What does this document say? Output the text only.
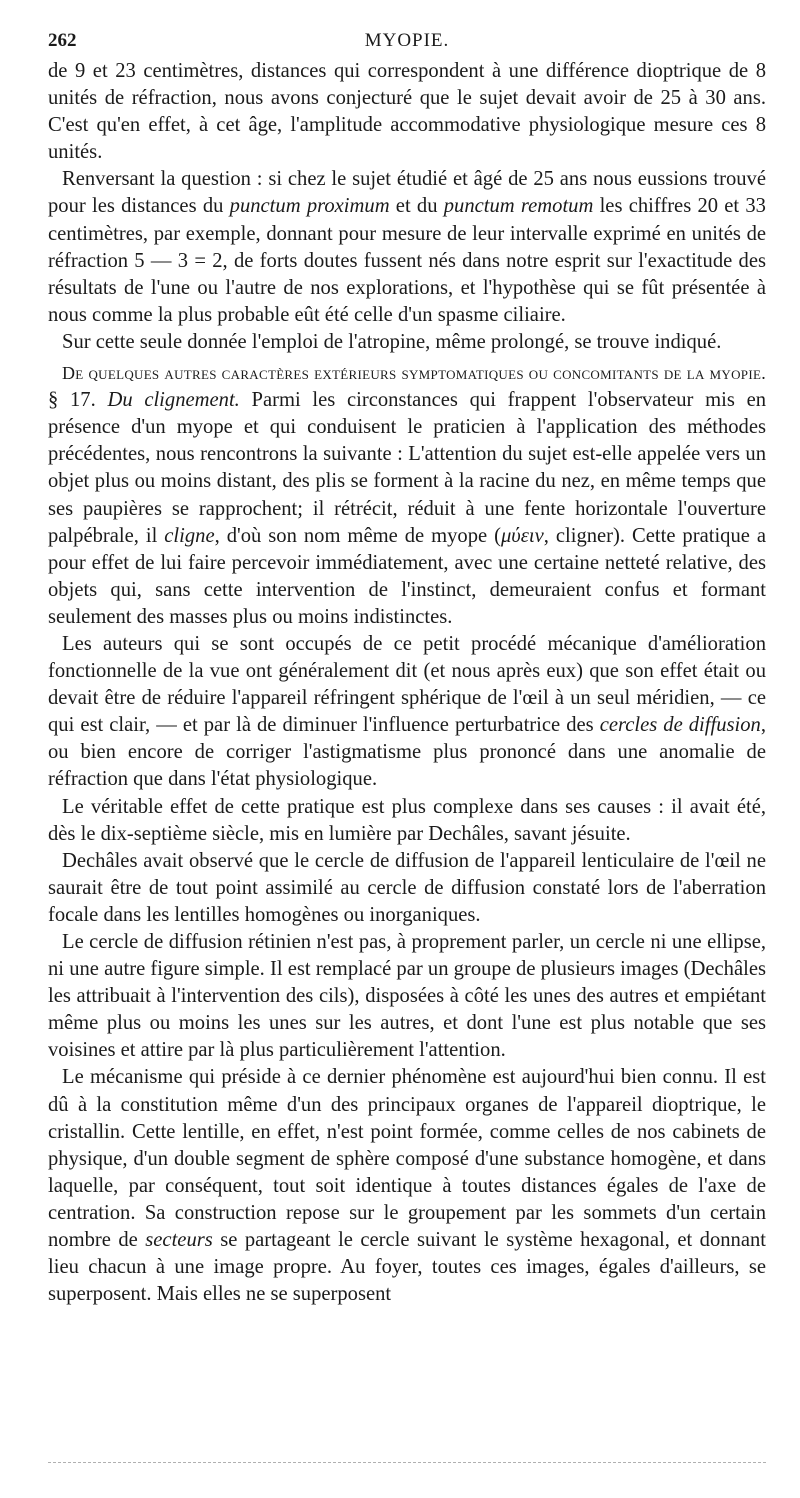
262	MYOPIE.

de 9 et 23 centimètres, distances qui correspondent à une différence dioptrique de 8 unités de réfraction, nous avons conjecturé que le sujet devait avoir de 25 à 30 ans. C'est qu'en effet, à cet âge, l'amplitude accommodative physiologique mesure ces 8 unités.

Renversant la question : si chez le sujet étudié et âgé de 25 ans nous eussions trouvé pour les distances du punctum proximum et du punctum remotum les chiffres 20 et 33 centimètres, par exemple, donnant pour mesure de leur intervalle exprimé en unités de réfraction 5 — 3 = 2, de forts doutes fussent nés dans notre esprit sur l'exactitude des résultats de l'une ou l'autre de nos explorations, et l'hypothèse qui se fût présentée à nous comme la plus probable eût été celle d'un spasme ciliaire.

Sur cette seule donnée l'emploi de l'atropine, même prolongé, se trouve indiqué.

De quelques autres caractères extérieurs symptomatiques ou concomitants de la myopie. § 17. Du clignement. Parmi les circonstances qui frappent l'observateur mis en présence d'un myope et qui conduisent le praticien à l'application des méthodes précédentes, nous rencontrons la suivante : L'attention du sujet est-elle appelée vers un objet plus ou moins distant, des plis se forment à la racine du nez, en même temps que ses paupières se rapprochent; il rétrécit, réduit à une fente horizontale l'ouverture palpébrale, il cligne, d'où son nom même de myope (μύειν, cligner). Cette pratique a pour effet de lui faire percevoir immédiatement, avec une certaine netteté relative, des objets qui, sans cette intervention de l'instinct, demeuraient confus et formant seulement des masses plus ou moins indistinctes.

Les auteurs qui se sont occupés de ce petit procédé mécanique d'amélioration fonctionnelle de la vue ont généralement dit (et nous après eux) que son effet était ou devait être de réduire l'appareil réfringent sphérique de l'œil à un seul méridien, — ce qui est clair, — et par là de diminuer l'influence perturbatrice des cercles de diffusion, ou bien encore de corriger l'astigmatisme plus prononcé dans une anomalie de réfraction que dans l'état physiologique.

Le véritable effet de cette pratique est plus complexe dans ses causes : il avait été, dès le dix-septième siècle, mis en lumière par Dechâles, savant jésuite.

Dechâles avait observé que le cercle de diffusion de l'appareil lenticulaire de l'œil ne saurait être de tout point assimilé au cercle de diffusion constaté lors de l'aberration focale dans les lentilles homogènes ou inorganiques.

Le cercle de diffusion rétinien n'est pas, à proprement parler, un cercle ni une ellipse, ni une autre figure simple. Il est remplacé par un groupe de plusieurs images (Dechâles les attribuait à l'intervention des cils), disposées à côté les unes des autres et empiétant même plus ou moins les unes sur les autres, et dont l'une est plus notable que ses voisines et attire par là plus particulièrement l'attention.

Le mécanisme qui préside à ce dernier phénomène est aujourd'hui bien connu. Il est dû à la constitution même d'un des principaux organes de l'appareil dioptrique, le cristallin. Cette lentille, en effet, n'est point formée, comme celles de nos cabinets de physique, d'un double segment de sphère composé d'une substance homogène, et dans laquelle, par conséquent, tout soit identique à toutes distances égales de l'axe de centration. Sa construction repose sur le groupement par les sommets d'un certain nombre de secteurs se partageant le cercle suivant le système hexagonal, et donnant lieu chacun à une image propre. Au foyer, toutes ces images, égales d'ailleurs, se superposent. Mais elles ne se superposent
